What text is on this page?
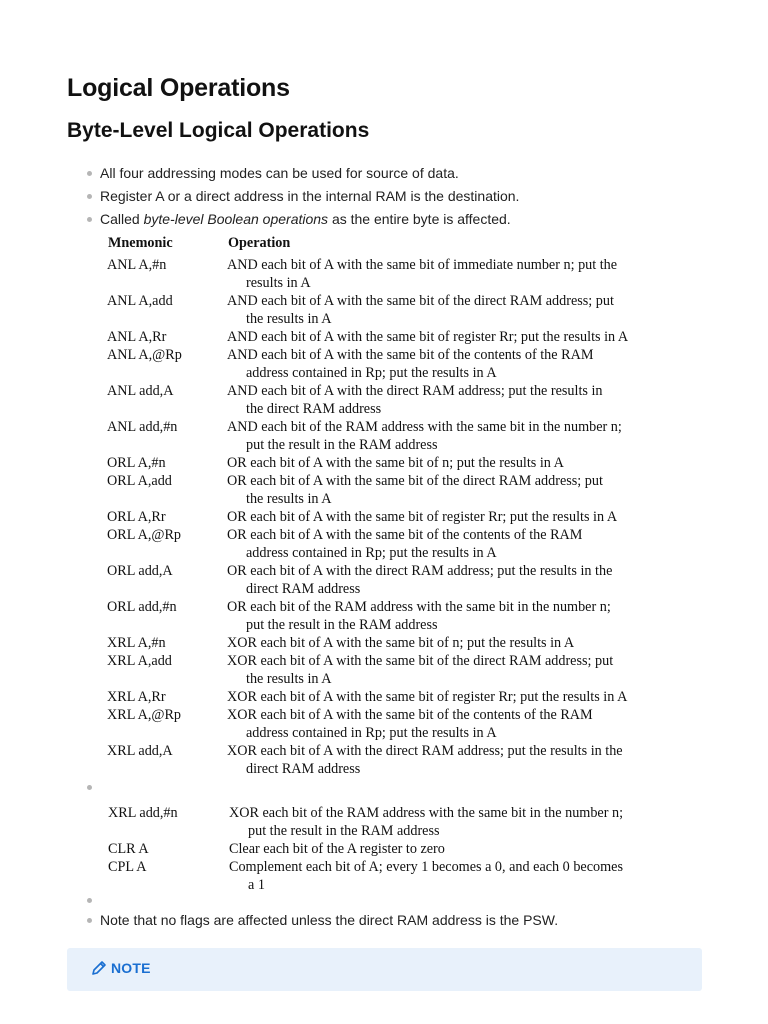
Logical Operations
Byte-Level Logical Operations
All four addressing modes can be used for source of data.
Register A or a direct address in the internal RAM is the destination.
Called byte-level Boolean operations as the entire byte is affected.
Mnemonic	Operation
ANL A,#n	AND each bit of A with the same bit of immediate number n; put the
results in A
ANL A,add	AND each bit of A with the same bit of the direct RAM address; put
the results in A
ANL A,Rr	AND each bit of A with the same bit of register Rr; put the results in A
ANL A,@Rp	AND each bit of A with the same bit of the contents of the RAM
address contained in Rp; put the results in A
ANL add,A	AND each bit of A with the direct RAM address; put the results in
the direct RAM address
ANL add,#n	AND each bit of the RAM address with the same bit in the number n;
put the result in the RAM address
ORL A,#n	OR each bit of A with the same bit of n; put the results in A
ORL A,add	OR each bit of A with the same bit of the direct RAM address; put
the results in A
ORL A,Rr	OR each bit of A with the same bit of register Rr; put the results in A
ORL A,@Rp	OR each bit of A with the same bit of the contents of the RAM
address contained in Rp; put the results in A
ORL add,A	OR each bit of A with the direct RAM address; put the results in the
direct RAM address
ORL add,#n	OR each bit of the RAM address with the same bit in the number n;
put the result in the RAM address
XRL A,#n	XOR each bit of A with the same bit of n; put the results in A
XRL A,add	XOR each bit of A with the same bit of the direct RAM address; put
the results in A
XRL A,Rr	XOR each bit of A with the same bit of register Rr; put the results in A
XRL A,@Rp	XOR each bit of A with the same bit of the contents of the RAM
address contained in Rp; put the results in A
XRL add,A	XOR each bit of A with the direct RAM address; put the results in the
direct RAM address
XRL add,#n	XOR each bit of the RAM address with the same bit in the number n;
put the result in the RAM address
CLR A	Clear each bit of the A register to zero
CPL A	Complement each bit of A; every 1 becomes a 0, and each 0 becomes
a 1
Note that no flags are affected unless the direct RAM address is the PSW.
NOTE
